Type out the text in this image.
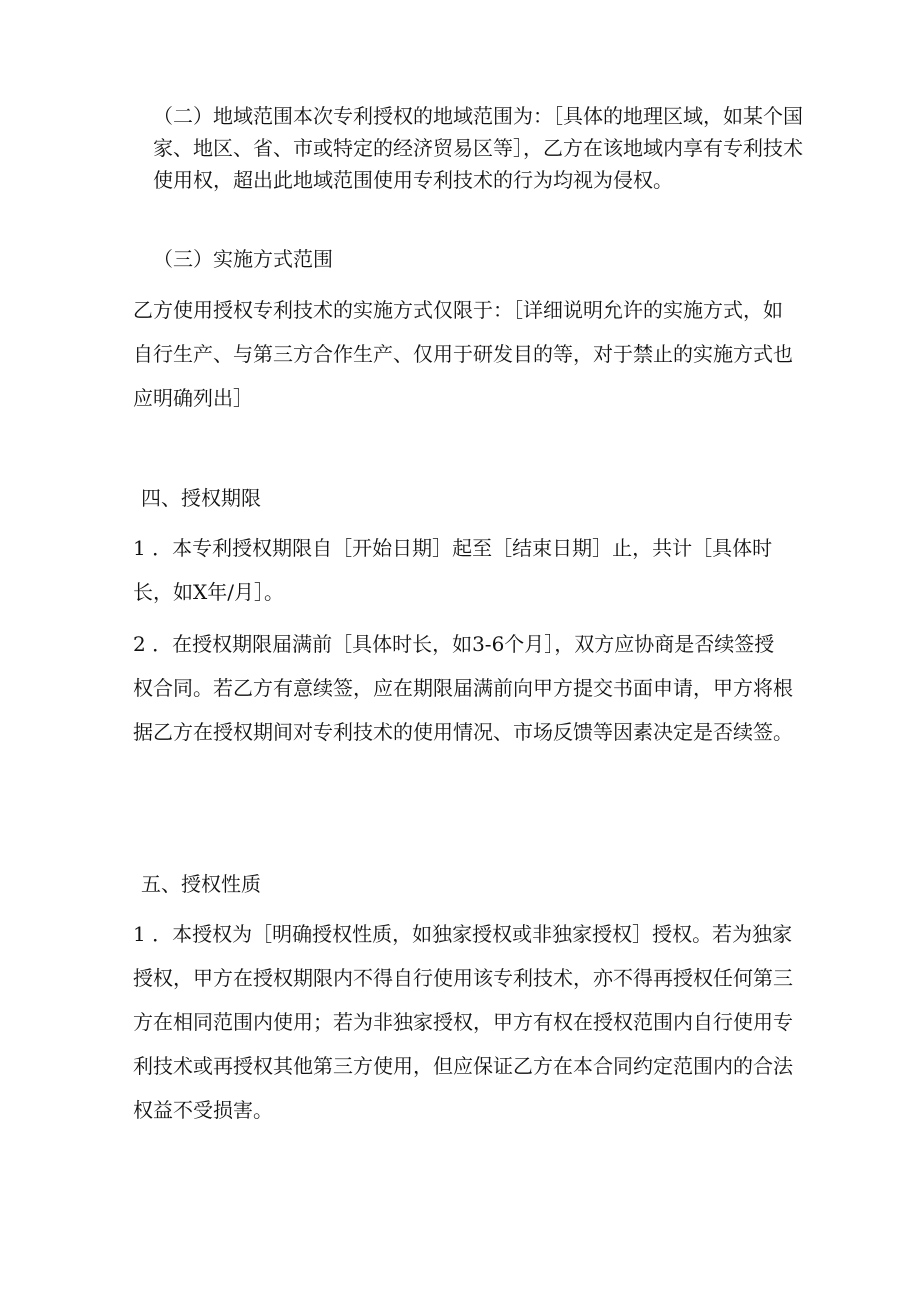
（二）地域范围本次专利授权的地域范围为：［具体的地理区域，如某个国家、地区、省、市或特定的经济贸易区等］，乙方在该地域内享有专利技术使用权，超出此地域范围使用专利技术的行为均视为侵权。

（三）实施方式范围

乙方使用授权专利技术的实施方式仅限于：［详细说明允许的实施方式，如自行生产、与第三方合作生产、仅用于研发目的等，对于禁止的实施方式也应明确列出］

四、授权期限

1 ．本专利授权期限自［开始日期］起至［结束日期］止，共计［具体时长，如X年/月］。

2 ．在授权期限届满前［具体时长，如3-6个月］，双方应协商是否续签授权合同。若乙方有意续签，应在期限届满前向甲方提交书面申请，甲方将根据乙方在授权期间对专利技术的使用情况、市场反馈等因素决定是否续签。

五、授权性质

1 ．本授权为［明确授权性质，如独家授权或非独家授权］授权。若为独家授权，甲方在授权期限内不得自行使用该专利技术，亦不得再授权任何第三方在相同范围内使用；若为非独家授权，甲方有权在授权范围内自行使用专利技术或再授权其他第三方使用，但应保证乙方在本合同约定范围内的合法权益不受损害。
